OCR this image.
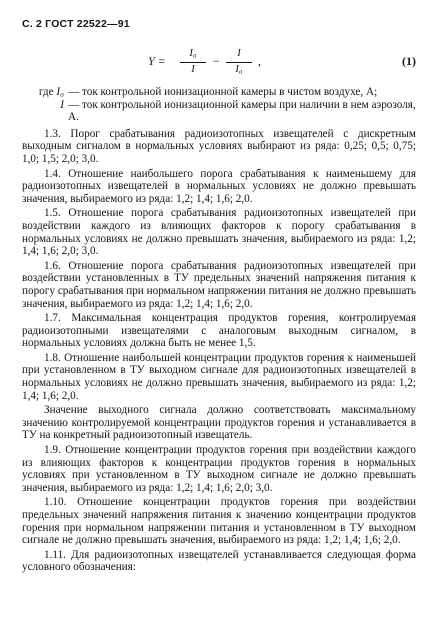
С. 2 ГОСТ 22522—91
$Y = \frac{\text{I₀}}{I} - \frac{I}{\text{I₀}}$ ,	(1)
где I₀ — ток контрольной ионизационной камеры в чистом воздухе, А;
I — ток контрольной ионизационной камеры при наличии в нем аэрозоля, А.

1.3. Порог срабатывания радиоизотопных извещателей с дискретным выходным сигналом в нормальных условиях выбирают из ряда: 0,25; 0,5; 0,75; 1,0; 1,5; 2,0; 3,0.

1.4. Отношение наибольшего порога срабатывания к наименьшему для радиоизотопных извещателей в нормальных условиях не должно превышать значения, выбираемого из ряда: 1,2; 1,4; 1,6; 2,0.

1.5. Отношение порога срабатывания радиоизотопных извещателей при воздействии каждого из влияющих факторов к порогу срабатывания в нормальных условиях не должно превышать значения, выбираемого из ряда: 1,2; 1,4; 1,6; 2,0; 3,0.

1.6. Отношение порога срабатывания радиоизотопных извещателей при воздействии установленных в ТУ предельных значений напряжения питания к порогу срабатывания при нормальном напряжении питания не должно превышать значения, выбираемого из ряда: 1,2; 1,4; 1,6; 2,0.

1.7. Максимальная концентрация продуктов горения, контролируемая радиоизотопными извещателями с аналоговым выходным сигналом, в нормальных условиях должна быть не менее 1,5.

1.8. Отношение наибольшей концентрации продуктов горения к наименьшей при установленном в ТУ выходном сигнале для радиоизотопных извещателей в нормальных условиях не должно превышать значения, выбираемого из ряда: 1,2; 1,4; 1,6; 2,0.

Значение выходного сигнала должно соответствовать максимальному значению контролируемой концентрации продуктов горения и устанавливается в ТУ на конкретный радиоизотопный извещатель.

1.9. Отношение концентрации продуктов горения при воздействии каждого из влияющих факторов к концентрации продуктов горения в нормальных условиях при установленном в ТУ выходном сигнале не должно превышать значения, выбираемого из ряда: 1,2; 1,4; 1,6; 2,0; 3,0.

1.10. Отношение концентрации продуктов горения при воздействии предельных значений напряжения питания к значению концентрации продуктов горения при нормальном напряжении питания и установленном в ТУ выходном сигнале не должно превышать значения, выбираемого из ряда: 1,2; 1,4; 1,6; 2,0.

1.11. Для радиоизотопных извещателей устанавливается следующая форма условного обозначения:
